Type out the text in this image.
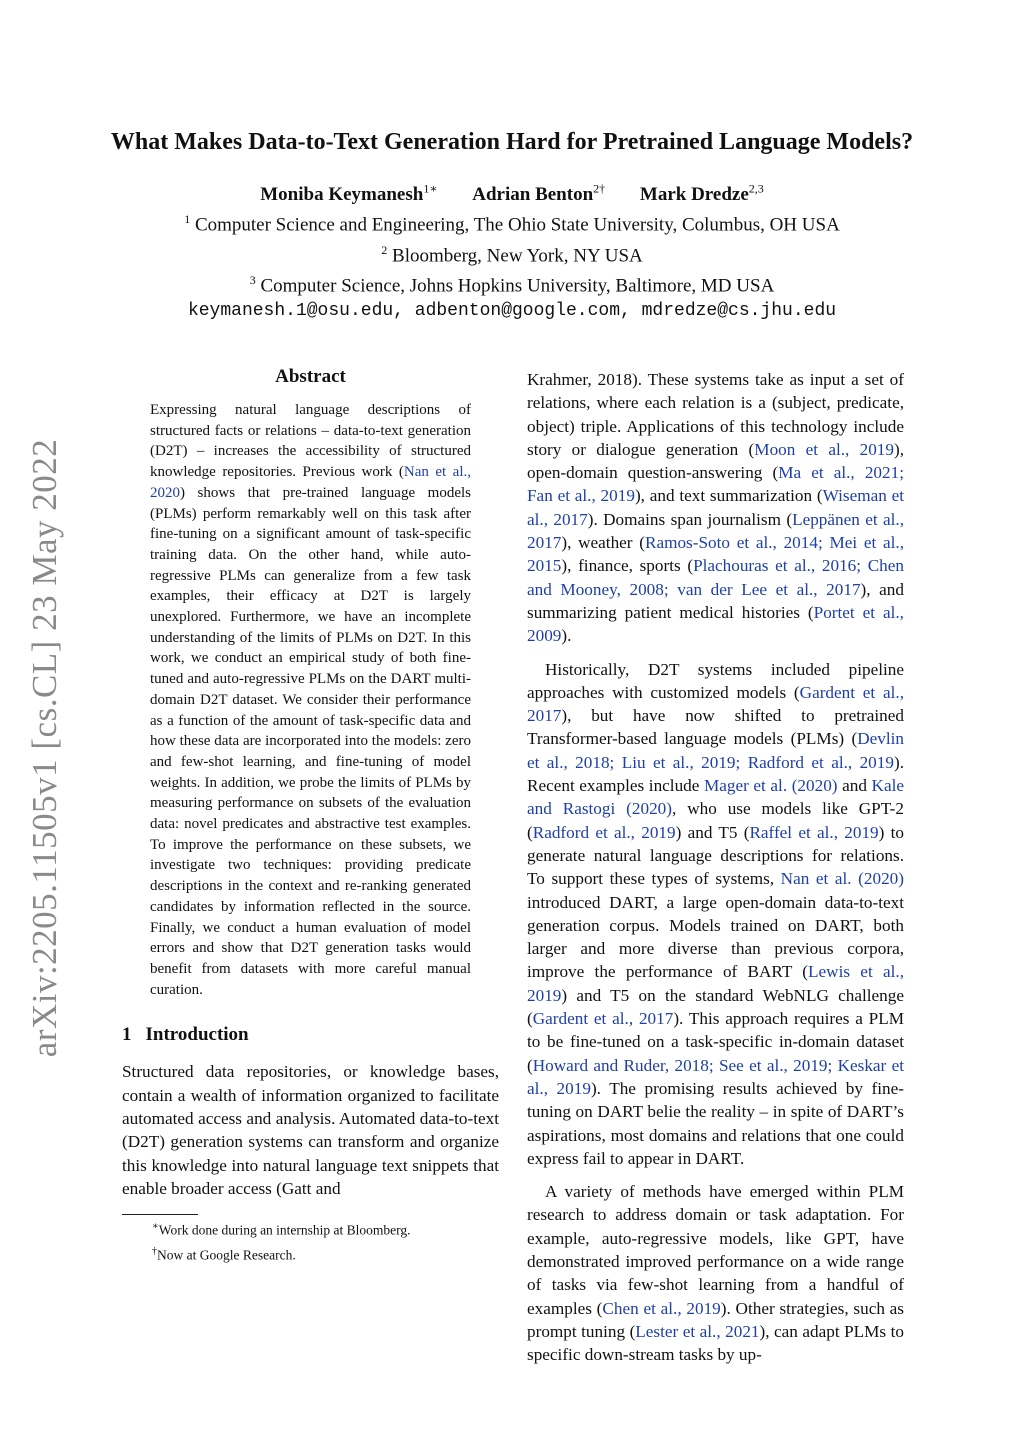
arXiv:2205.11505v1 [cs.CL] 23 May 2022
What Makes Data-to-Text Generation Hard for Pretrained Language Models?
Moniba Keymanesh$^{1∗}$ Adrian Benton$^{2\dagger}$ Mark Dredze$^{2,3}$
$^1$ Computer Science and Engineering, The Ohio State University, Columbus, OH USA
$^2$ Bloomberg, New York, NY USA
$^3$ Computer Science, Johns Hopkins University, Baltimore, MD USA
keymanesh.1@osu.edu, adbenton@google.com, mdredze@cs.jhu.edu
Abstract

Expressing natural language descriptions of structured facts or relations – data-to-text generation (D2T) – increases the accessibility of structured knowledge repositories. Previous work (Nan et al., 2020) shows that pre-trained language models (PLMs) perform remarkably well on this task after fine-tuning on a significant amount of task-specific training data. On the other hand, while auto-regressive PLMs can generalize from a few task examples, their efficacy at D2T is largely unexplored. Furthermore, we have an incomplete understanding of the limits of PLMs on D2T. In this work, we conduct an empirical study of both fine-tuned and auto-regressive PLMs on the DART multi-domain D2T dataset. We consider their performance as a function of the amount of task-specific data and how these data are incorporated into the models: zero and few-shot learning, and fine-tuning of model weights. In addition, we probe the limits of PLMs by measuring performance on subsets of the evaluation data: novel predicates and abstractive test examples. To improve the performance on these subsets, we investigate two techniques: providing predicate descriptions in the context and re-ranking generated candidates by information reflected in the source. Finally, we conduct a human evaluation of model errors and show that D2T generation tasks would benefit from datasets with more careful manual curation.

1 Introduction

Structured data repositories, or knowledge bases, contain a wealth of information organized to facilitate automated access and analysis. Automated data-to-text (D2T) generation systems can transform and organize this knowledge into natural language text snippets that enable broader access (Gatt and

∗Work done during an internship at Bloomberg.
†Now at Google Research.

Krahmer, 2018). These systems take as input a set of relations, where each relation is a (subject, predicate, object) triple. Applications of this technology include story or dialogue generation (Moon et al., 2019), open-domain question-answering (Ma et al., 2021; Fan et al., 2019), and text summarization (Wiseman et al., 2017). Domains span journalism (Leppänen et al., 2017), weather (Ramos-Soto et al., 2014; Mei et al., 2015), finance, sports (Plachouras et al., 2016; Chen and Mooney, 2008; van der Lee et al., 2017), and summarizing patient medical histories (Portet et al., 2009).

Historically, D2T systems included pipeline approaches with customized models (Gardent et al., 2017), but have now shifted to pretrained Transformer-based language models (PLMs) (Devlin et al., 2018; Liu et al., 2019; Radford et al., 2019). Recent examples include Mager et al. (2020) and Kale and Rastogi (2020), who use models like GPT-2 (Radford et al., 2019) and T5 (Raffel et al., 2019) to generate natural language descriptions for relations. To support these types of systems, Nan et al. (2020) introduced DART, a large open-domain data-to-text generation corpus. Models trained on DART, both larger and more diverse than previous corpora, improve the performance of BART (Lewis et al., 2019) and T5 on the standard WebNLG challenge (Gardent et al., 2017). This approach requires a PLM to be fine-tuned on a task-specific in-domain dataset (Howard and Ruder, 2018; See et al., 2019; Keskar et al., 2019). The promising results achieved by fine-tuning on DART belie the reality – in spite of DART’s aspirations, most domains and relations that one could express fail to appear in DART.

A variety of methods have emerged within PLM research to address domain or task adaptation. For example, auto-regressive models, like GPT, have demonstrated improved performance on a wide range of tasks via few-shot learning from a handful of examples (Chen et al., 2019). Other strategies, such as prompt tuning (Lester et al., 2021), can adapt PLMs to specific down-stream tasks by up-
